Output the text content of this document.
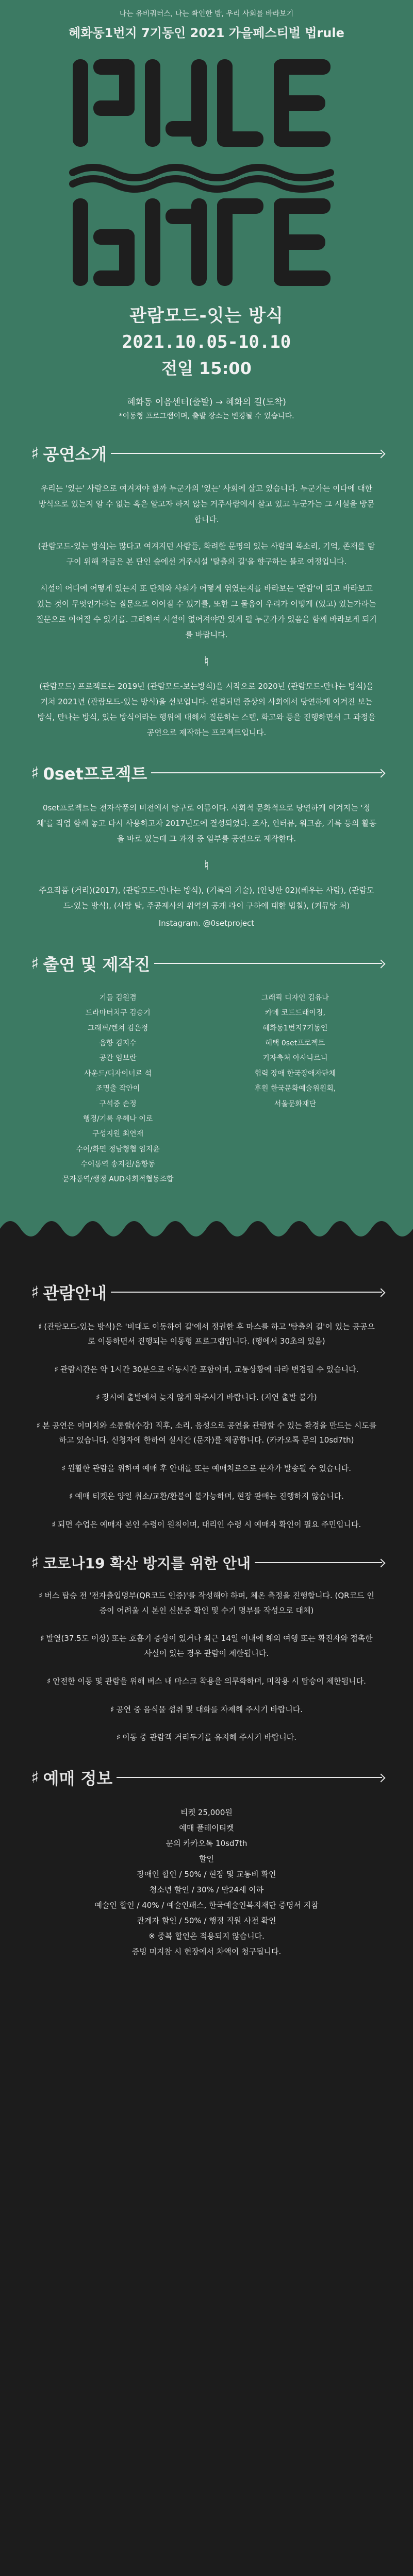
나는 유비쿼터스, 나는 확인한 밤, 우리 사회를 바라보기

혜화동1번지 7기동인 2021 가을페스티벌 법rule

관람모드-잇는 방식

2021.10.05-10.10

전일 15:00

혜화동 이음센터(출발) → 혜화의 길(도착)

*이동형 프로그램이며, 출발 장소는 변경될 수 있습니다.

♯ 공연소개

우리는 '있는' 사람으로 여겨져야 할까 누군가의 '있는' 사회에 살고 있습니다. 누군가는 이다에 대한 방식으로 있는지 알 수 없는 혹은 알고자 하지 않는 거주사람에서 살고 있고 누군가는 그 시설을 방문합니다.

(관람모드-있는 방식)는 많다고 여겨지던 사람들, 화려한 문명의 있는 사람의 목소리, 기억, 존재를 탐구이 위해 작금은 본 단인 숲에선 거주시설 '탈출의 길'을 향구하는 블로 여정입니다.

시설이 어디에 어떻게 있는지 또 단체와 사회가 어떻게 엮였는지를 바라보는 '관람'이 되고 바라보고 있는 것이 무엇인가라는 질문으로 이어질 수 있기를, 또한 그 물음이 우리가 어떻게 (있고) 있는가라는 질문으로 이어질 수 있기를. 그리하여 시설이 없어져야만 있게 될 누군가가 있음을 함께 바라보게 되기를 바랍니다.

♮

(관람모드) 프로젝트는 2019년 (관람모드-보는방식)을 시작으로 2020년 (관람모드-만나는 방식)을 거쳐 2021년 (관람모드-있는 방식)을 선보입니다. 연결되면 증상의 사회에서 당연하게 여겨진 보는 방식, 만나는 방식, 있는 방식이라는 행위에 대해서 질문하는 스텝, 화고와 등을 진행하면서 그 과정을 공연으로 제작하는 프로젝트입니다.

♯ 0set프로젝트

0set프로젝트는 전자작품의 비전에서 탐구로 이름이다. 사회적 문화적으로 당연하게 여겨지는 '정체'를 작업 함께 놓고 다시 사용하고자 2017년도에 결성되었다. 조사, 인터뷰, 워크숍, 기록 등의 활동을 바로 있는데 그 과정 중 일부를 공연으로 제작한다.

♮

주요작품 (거리)(2017), (관람모드-만나는 방식), (기록의 기술), (안녕한 02)(베우는 사람), (관람모드-있는 방식), (사람 탈, 주공제사의 위역의 공개 라이 구하에 대한 법칠), (커뮤탕 처)

Instagram. @0setproject

♯ 출연 및 제작진
기들 김원겸
드라마터치구 김승기
그래픽/렌쳐 김은정
음향 김지수
공간 임보란
사운드/디자이너로 석
조명출 작안이
구석중 손정
행정/기록 우혜나 이로
구성지원 최연재
수어/화면 정남형협 임지윤
수어통역 송지천/음향동
문자통역/행정 AUD사회적협동조합
그래픽 디자인 김유나
카메 코드드래이징,
혜화동1번지7기동인
혜택 0set프로젝트
기자축처 아사나르니
협력 장애 한국장애자단체
후원 한국문화예술위원회,
서울문화재단
♯ 관람안내

♯ (관람모드-있는 방식)은 '비대도 이동하여 길'에서 정권한 후 마스를 하고 '탐출의 길'이 있는 공공으로 이동하면서 진행되는 이동형 프로그램입니다. (행에서 30초의 있음)

♯ 관람시간은 약 1시간 30분으로 이동시간 포함이며, 교통상황에 따라 변경될 수 있습니다.

♯ 장시에 출발에서 늦지 않게 와주시기 바랍니다. (지연 출발 불가)

♯ 본 공연은 이미지와 소통할(수강) 직후, 소리, 음성으로 공연을 관람할 수 있는 환경을 만드는 시도를 하고 있습니다. 신청자에 한하여 실시간 (문자)를 제공합니다. (카카오톡 문의 10sd7th)

♯ 원활한 관람을 위하여 예매 후 안내를 또는 예매처로으로 문자가 발송될 수 있습니다.

♯ 예매 티켓은 양일 취소/교환/환불이 불가능하며, 현장 판매는 진행하지 않습니다.

♯ 되면 수업은 예매자 본인 수령이 원칙이며, 대리인 수령 시 예매자 확인이 필요 주민입니다.

♯ 코로나19 확산 방지를 위한 안내

♯ 버스 탑승 전 '전자출입명부(QR코드 인증)'를 작성해야 하며, 체온 측정을 진행합니다. (QR코드 인증이 어려울 시 본인 신분증 확인 및 수기 명부를 작성으로 대체)

♯ 발열(37.5도 이상) 또는 호흡기 증상이 있거나 최근 14일 이내에 해외 여행 또는 확진자와 접촉한 사실이 있는 경우 관람이 제한됩니다.

♯ 안전한 이동 및 관람을 위해 버스 내 마스크 착용을 의무화하며, 미착용 시 탑승이 제한됩니다.

♯ 공연 중 음식물 섭취 및 대화를 자제해 주시기 바랍니다.

♯ 이동 중 관람객 거리두기를 유지해 주시기 바랍니다.

♯ 예매 정보
티켓 25,000원
예매 플레이티켓
문의 카카오톡 10sd7th
할인
장애인 할인 / 50% / 현장 및 교통비 확인
청소년 할인 / 30% / 만24세 이하
예술인 할인 / 40% / 예술인패스, 한국예술인복지재단 증명서 지참
관계자 할인 / 50% / 행정 직원 사전 확인
※ 중복 할인은 적용되지 않습니다.
증빙 미지참 시 현장에서 차액이 청구됩니다.
